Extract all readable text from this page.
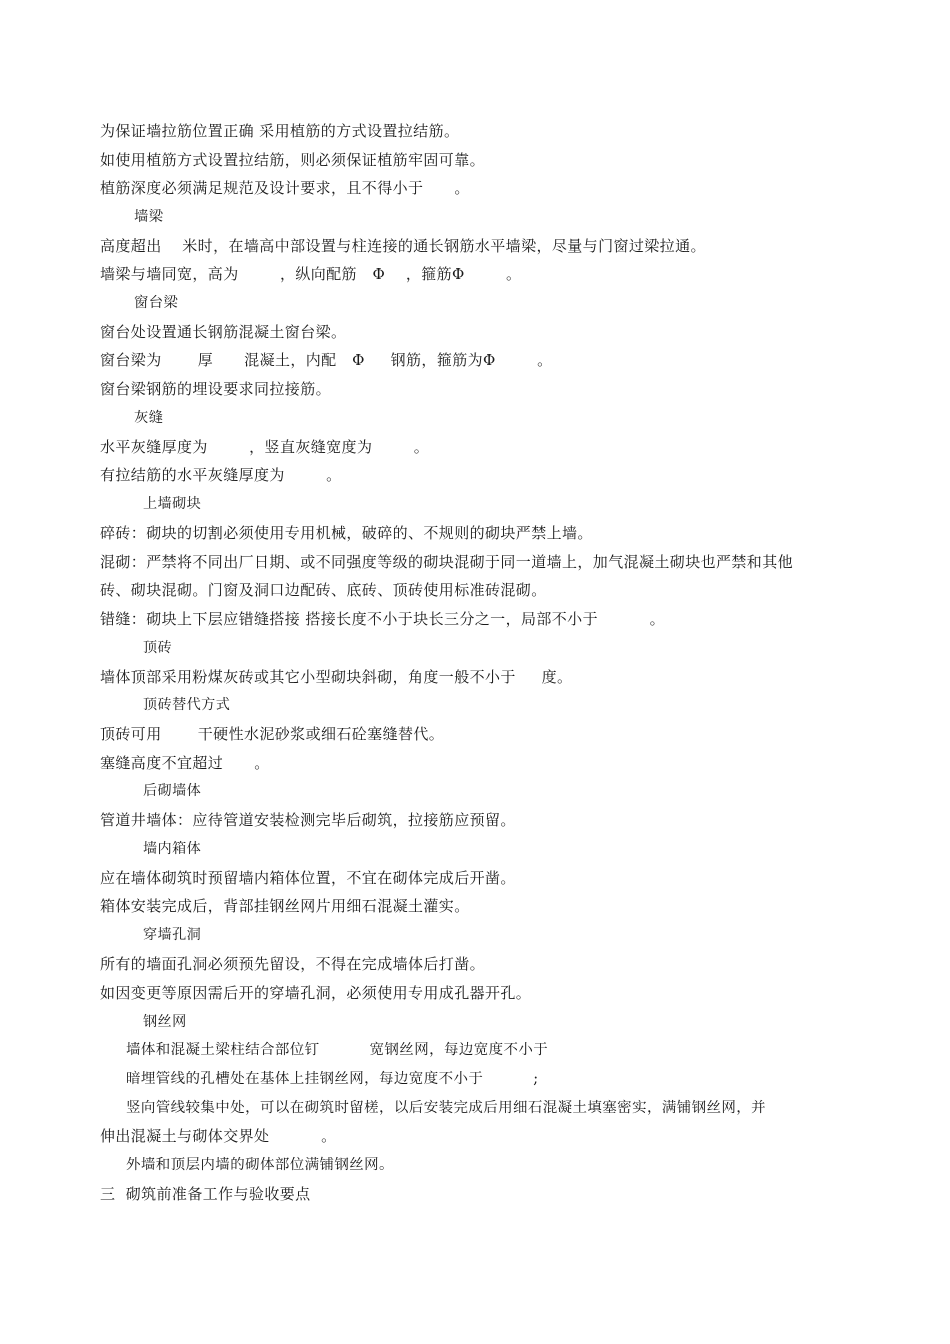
为保证墙拉筋位置正确 采用植筋的方式设置拉结筋。
如使用植筋方式设置拉结筋，则必须保证植筋牢固可靠。
植筋深度必须满足规范及设计要求，且不得小于      。
墙梁
高度超出    米时，在墙高中部设置与柱连接的通长钢筋水平墙梁，尽量与门窗过梁拉通。
墙梁与墙同宽，高为        ，纵向配筋   Φ    ，箍筋Φ        。
窗台梁
窗台处设置通长钢筋混凝土窗台梁。
窗台梁为       厚      混凝土，内配   Φ     钢筋，箍筋为Φ        。
窗台梁钢筋的埋设要求同拉接筋。
灰缝
水平灰缝厚度为        ，竖直灰缝宽度为        。
有拉结筋的水平灰缝厚度为        。
上墙砌块
碎砖：砌块的切割必须使用专用机械，破碎的、不规则的砌块严禁上墙。
混砌：严禁将不同出厂日期、或不同强度等级的砌块混砌于同一道墙上，加气混凝土砌块也严禁和其他
砖、砌块混砌。门窗及洞口边配砖、底砖、顶砖使用标准砖混砌。
错缝：砌块上下层应错缝搭接 搭接长度不小于块长三分之一，局部不小于          。
顶砖
墙体顶部采用粉煤灰砖或其它小型砌块斜砌，角度一般不小于     度。
顶砖替代方式
顶砖可用       干硬性水泥砂浆或细石砼塞缝替代。
塞缝高度不宜超过      。
后砌墙体
管道井墙体：应待管道安装检测完毕后砌筑，拉接筋应预留。
墙内箱体
应在墙体砌筑时预留墙内箱体位置，不宜在砌体完成后开凿。
箱体安装完成后，背部挂钢丝网片用细石混凝土灌实。
穿墙孔洞
所有的墙面孔洞必须预先留设，不得在完成墙体后打凿。
如因变更等原因需后开的穿墙孔洞，必须使用专用成孔器开孔。
钢丝网
墙体和混凝土梁柱结合部位钉          宽钢丝网，每边宽度不小于
暗埋管线的孔槽处在基体上挂钢丝网，每边宽度不小于          ;
竖向管线较集中处，可以在砌筑时留槎，以后安装完成后用细石混凝土填塞密实，满铺钢丝网，并
伸出混凝土与砌体交界处          。
外墙和顶层内墙的砌体部位满铺钢丝网。
三  砌筑前准备工作与验收要点
